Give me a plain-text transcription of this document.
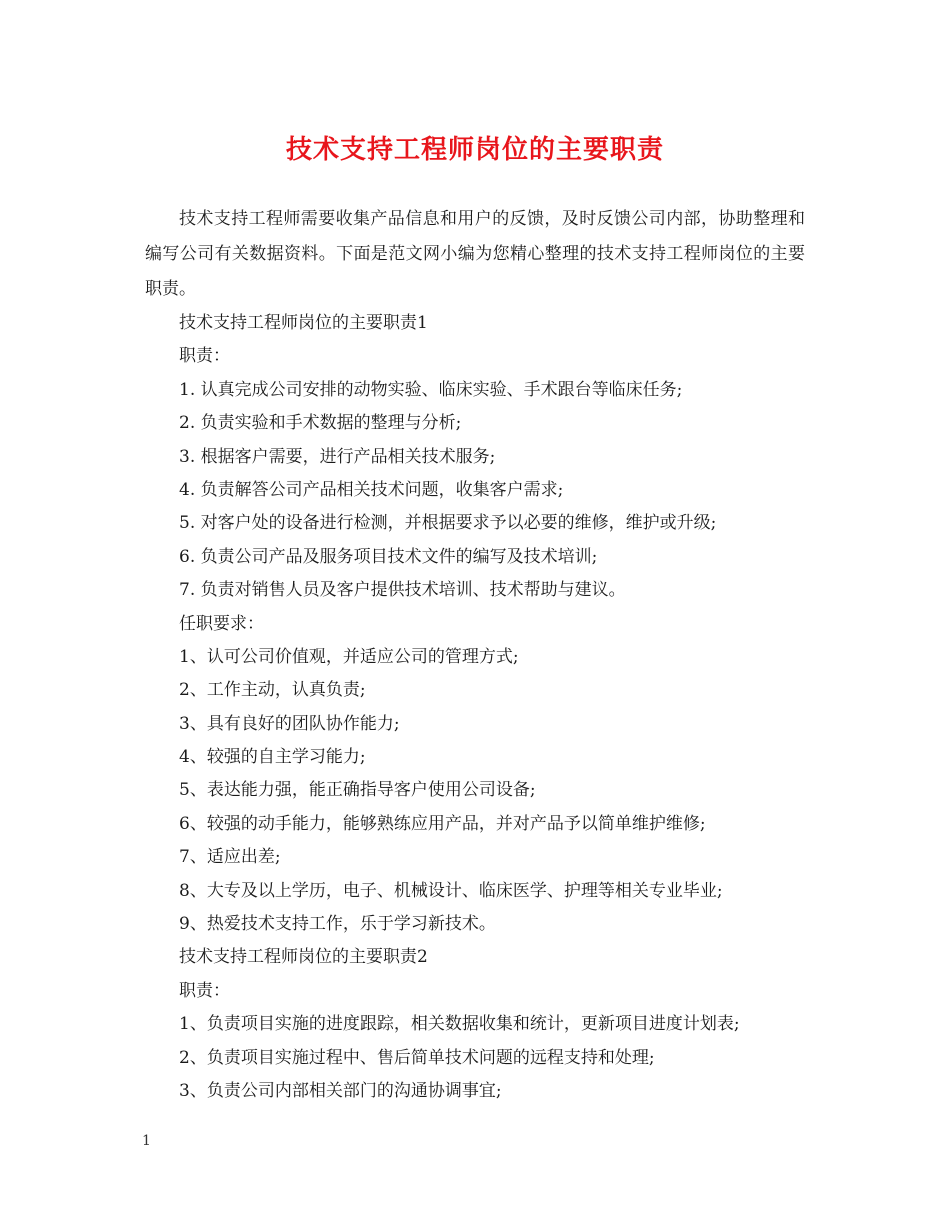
技术支持工程师岗位的主要职责

技术支持工程师需要收集产品信息和用户的反馈，及时反馈公司内部，协助整理和编写公司有关数据资料。下面是范文网小编为您精心整理的技术支持工程师岗位的主要职责。

技术支持工程师岗位的主要职责1

职责：

1. 认真完成公司安排的动物实验、临床实验、手术跟台等临床任务;

2. 负责实验和手术数据的整理与分析;

3. 根据客户需要，进行产品相关技术服务;

4. 负责解答公司产品相关技术问题，收集客户需求;

5. 对客户处的设备进行检测，并根据要求予以必要的维修，维护或升级;

6. 负责公司产品及服务项目技术文件的编写及技术培训;

7. 负责对销售人员及客户提供技术培训、技术帮助与建议。

任职要求：

1、认可公司价值观，并适应公司的管理方式;

2、工作主动，认真负责;

3、具有良好的团队协作能力;

4、较强的自主学习能力;

5、表达能力强，能正确指导客户使用公司设备;

6、较强的动手能力，能够熟练应用产品，并对产品予以简单维护维修;

7、适应出差;

8、大专及以上学历，电子、机械设计、临床医学、护理等相关专业毕业;

9、热爱技术支持工作，乐于学习新技术。

技术支持工程师岗位的主要职责2

职责：

1、负责项目实施的进度跟踪，相关数据收集和统计，更新项目进度计划表;

2、负责项目实施过程中、售后简单技术问题的远程支持和处理;

3、负责公司内部相关部门的沟通协调事宜;

1
